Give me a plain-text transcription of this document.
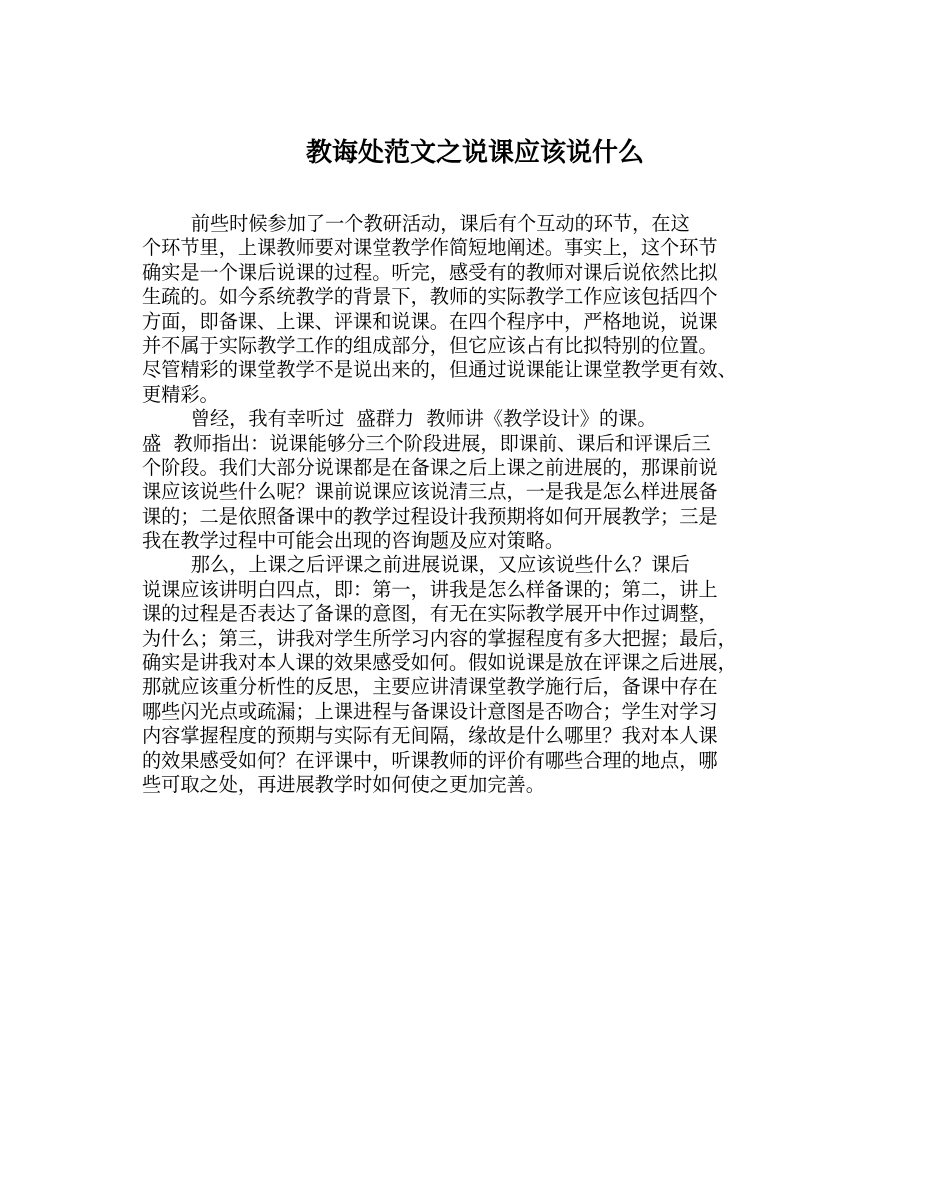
教诲处范文之说课应该说什么

前些时候参加了一个教研活动，课后有个互动的环节，在这
个环节里，上课教师要对课堂教学作简短地阐述。事实上，这个环节
确实是一个课后说课的过程。听完，感受有的教师对课后说依然比拟
生疏的。如今系统教学的背景下，教师的实际教学工作应该包括四个
方面，即备课、上课、评课和说课。在四个程序中，严格地说，说课
并不属于实际教学工作的组成部分，但它应该占有比拟特别的位置。
尽管精彩的课堂教学不是说出来的，但通过说课能让课堂教学更有效、
更精彩。

曾经，我有幸听过  盛群力  教师讲《教学设计》的课。
盛  教师指出：说课能够分三个阶段进展，即课前、课后和评课后三
个阶段。我们大部分说课都是在备课之后上课之前进展的，那课前说
课应该说些什么呢？课前说课应该说清三点，一是我是怎么样进展备
课的；二是依照备课中的教学过程设计我预期将如何开展教学；三是
我在教学过程中可能会出现的咨询题及应对策略。

那么，上课之后评课之前进展说课，又应该说些什么？课后
说课应该讲明白四点，即：第一，讲我是怎么样备课的；第二，讲上
课的过程是否表达了备课的意图，有无在实际教学展开中作过调整，
为什么；第三，讲我对学生所学习内容的掌握程度有多大把握；最后，
确实是讲我对本人课的效果感受如何。假如说课是放在评课之后进展，
那就应该重分析性的反思，主要应讲清课堂教学施行后，备课中存在
哪些闪光点或疏漏；上课进程与备课设计意图是否吻合；学生对学习
内容掌握程度的预期与实际有无间隔，缘故是什么哪里？我对本人课
的效果感受如何？在评课中，听课教师的评价有哪些合理的地点，哪
些可取之处，再进展教学时如何使之更加完善。
